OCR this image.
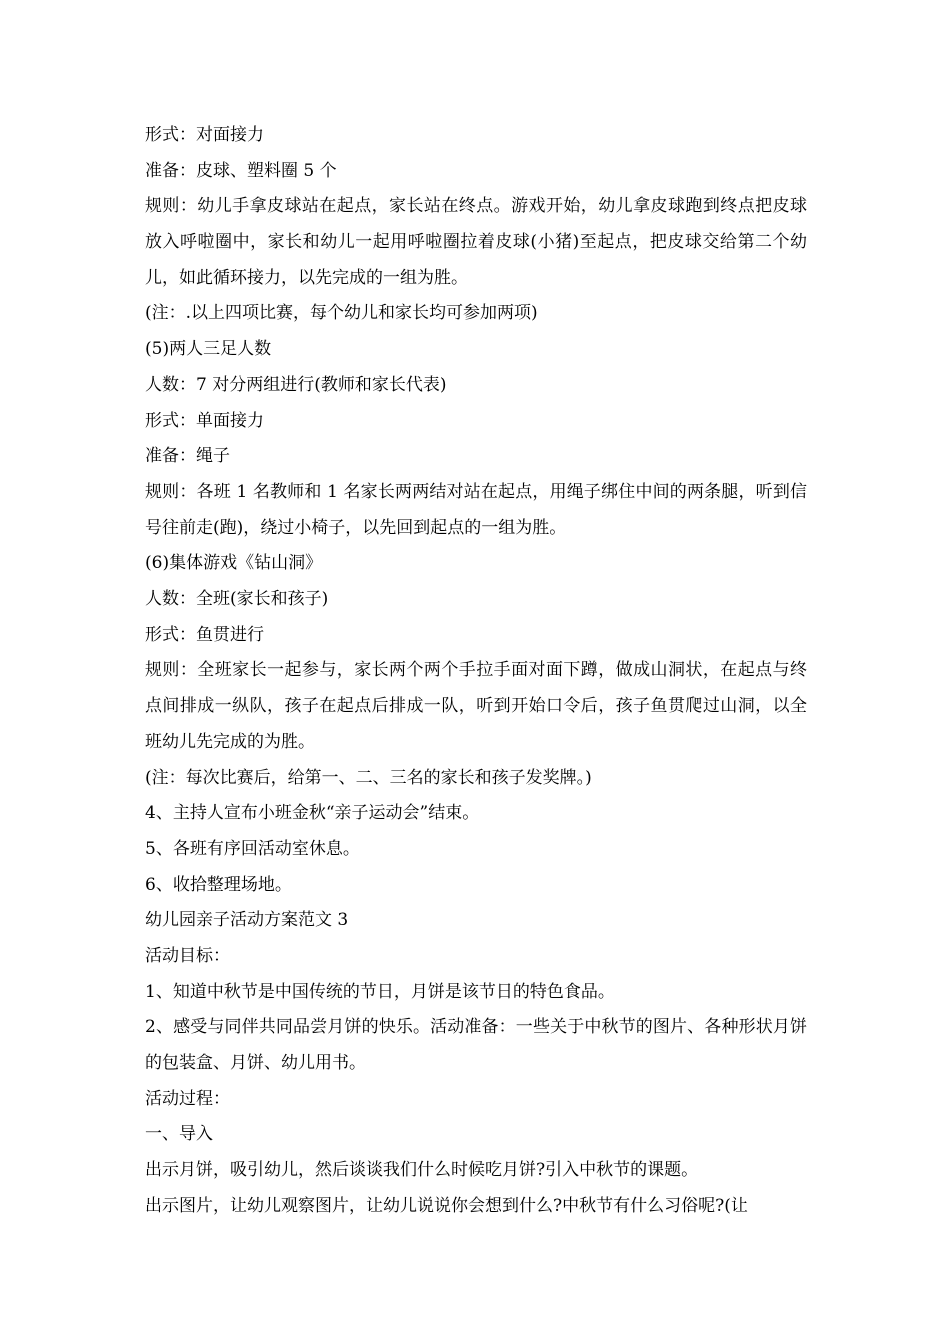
形式：对面接力
准备：皮球、塑料圈 5 个
规则：幼儿手拿皮球站在起点，家长站在终点。游戏开始，幼儿拿皮球跑到终点把皮球放入呼啦圈中，家长和幼儿一起用呼啦圈拉着皮球(小猪)至起点，把皮球交给第二个幼儿，如此循环接力，以先完成的一组为胜。
(注：.以上四项比赛，每个幼儿和家长均可参加两项)
(5)两人三足人数
人数：7 对分两组进行(教师和家长代表)
形式：单面接力
准备：绳子
规则：各班 1 名教师和 1 名家长两两结对站在起点，用绳子绑住中间的两条腿，听到信号往前走(跑)，绕过小椅子，以先回到起点的一组为胜。
(6)集体游戏《钻山洞》
人数：全班(家长和孩子)
形式：鱼贯进行
规则：全班家长一起参与，家长两个两个手拉手面对面下蹲，做成山洞状，在起点与终点间排成一纵队，孩子在起点后排成一队，听到开始口令后，孩子鱼贯爬过山洞，以全班幼儿先完成的为胜。
(注：每次比赛后，给第一、二、三名的家长和孩子发奖牌。)
4、主持人宣布小班金秋“亲子运动会”结束。
5、各班有序回活动室休息。
6、收拾整理场地。
幼儿园亲子活动方案范文 3
活动目标：
1、知道中秋节是中国传统的节日，月饼是该节日的特色食品。
2、感受与同伴共同品尝月饼的快乐。活动准备：一些关于中秋节的图片、各种形状月饼的包装盒、月饼、幼儿用书。
活动过程：
一、导入
出示月饼，吸引幼儿，然后谈谈我们什么时候吃月饼?引入中秋节的课题。
出示图片，让幼儿观察图片，让幼儿说说你会想到什么?中秋节有什么习俗呢?(让
